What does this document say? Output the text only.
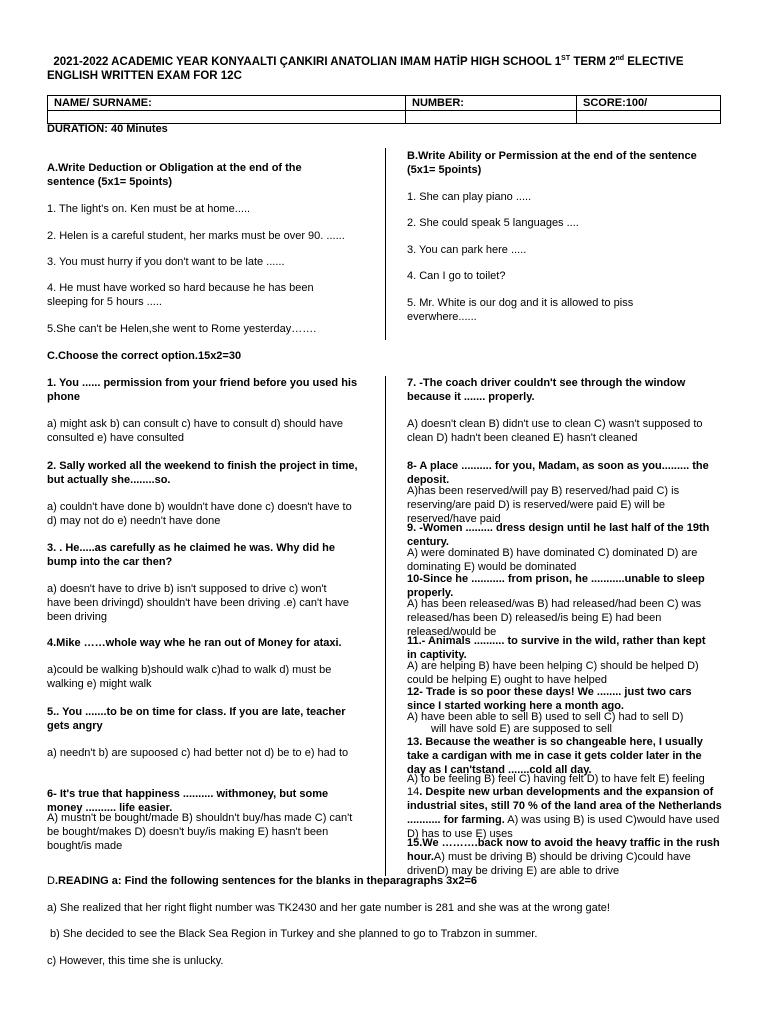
2021-2022 ACADEMIC YEAR KONYAALTI ÇANKIRI ANATOLIAN IMAM HATİP HIGH SCHOOL 1ST TERM 2nd ELECTIVE ENGLISH WRITTEN EXAM FOR 12C
NAME/ SURNAME:	NUMBER:	SCORE:100/

DURATION: 40 Minutes
A.Write Deduction or Obligation at the end of the sentence (5x1= 5points)
1. The light's on. Ken must be at home.....
2. Helen is a careful student, her marks must be over 90. ......
3. You must hurry if you don't want to be late ......
4. He must have worked so hard because he has been sleeping for 5 hours .....
5.She can't be Helen,she went to Rome yesterday…….
B.Write Ability or Permission at the end of the sentence (5x1= 5points)
1. She can play piano .....
2. She could speak 5 languages ....
3. You can park here .....
4. Can I go to toilet?
5. Mr. White is our dog and it is allowed to piss everwhere......
C.Choose the correct option.15x2=30
1. You ...... permission from your friend before you used his phone
a) might ask b) can consult c) have to consult d) should have consulted e) have consulted
2. Sally worked all the weekend to finish the project in time, but actually she........so.
a) couldn't have done b) wouldn't have done c) doesn't have to d) may not do e) needn't have done
3. . He.....as carefully as he claimed he was. Why did he bump into the car then?
a) doesn't have to drive b) isn't supposed to drive c) won't have been drivingd) shouldn't have been driving .e) can't have been driving
4.Mike ……whole way whe he ran out of Money for ataxi.
a)could be walking b)should walk c)had to walk d) must be walking e) might walk
5.. You .......to be on time for class. If you are late, teacher gets angry
a) needn't b) are supoosed c) had better not d) be to e) had to
6- It's true that happiness .......... withmoney, but some money .......... life easier.
A) mustn't be bought/made B) shouldn't buy/has made C) can't be bought/makes D) doesn't buy/is making E) hasn't been bought/is made
7. -The coach driver couldn't see through the window because it ....... properly.
A) doesn't clean B) didn't use to clean C) wasn't supposed to clean D) hadn't been cleaned E) hasn't cleaned
8- A place .......... for you, Madam, as soon as you......... the deposit.
A)has been reserved/will pay B) reserved/had paid C) is reserving/are paid D) is reserved/were paid E) will be reserved/have paid
9. -Women ......... dress design until he last half of the 19th century.
A) were dominated B) have dominated C) dominated D) are dominating E) would be dominated
10-Since he ........... from prison, he ...........unable to sleep properly.
A) has been released/was B) had released/had been C) was released/has been D) released/is being E) had been released/would be
11.- Animals .......... to survive in the wild, rather than kept in captivity.
A) are helping B) have been helping C) should be helped D) could be helping E) ought to have helped
12- Trade is so poor these days! We ........ just two cars since I started working here a month ago.
A) have been able to sell B) used to sell C) had to sell D)
will have sold E) are supposed to sell
13. Because the weather is so changeable here, I usually take a cardigan with me in case it gets colder later in the day as I can'tstand .......cold all day.
A) to be feeling B) feel C) having felt D) to have felt E) feeling
14. Despite new urban developments and the expansion of industrial sites, still 70 % of the land area of the Netherlands ........... for farming. A) was using B) is used C)would have used D) has to use E) uses
15.We ……….back now to avoid the heavy traffic in the rush hour.A) must be driving B) should be driving C)could have drivenD) may be driving E) are able to drive
D.READING a: Find the following sentences for the blanks in theparagraphs 3x2=6
a) She realized that her right flight number was TK2430 and her gate number is 281 and she was at the wrong gate!
b) She decided to see the Black Sea Region in Turkey and she planned to go to Trabzon in summer.
c) However, this time she is unlucky.
